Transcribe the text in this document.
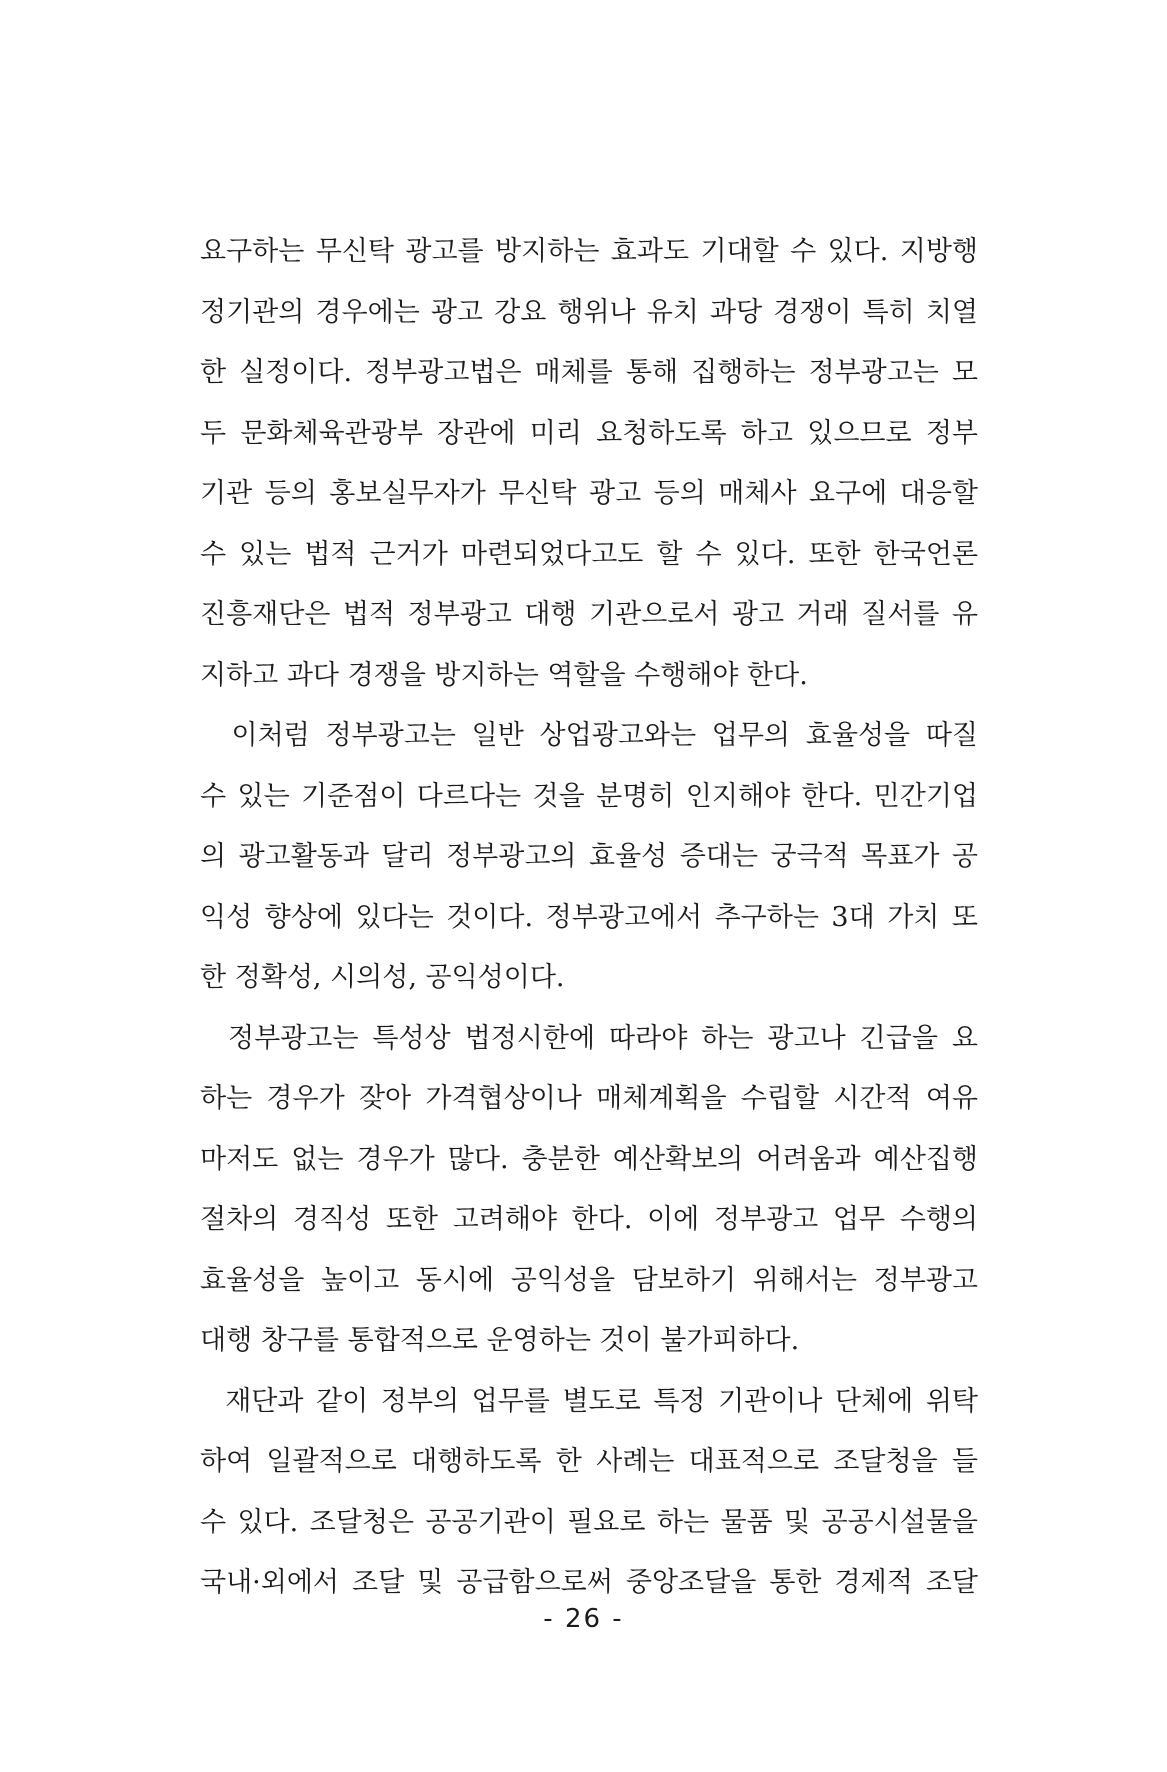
요구하는 무신탁 광고를 방지하는 효과도 기대할 수 있다. 지방행
정기관의 경우에는 광고 강요 행위나 유치 과당 경쟁이 특히 치열
한 실정이다. 정부광고법은 매체를 통해 집행하는 정부광고는 모
두 문화체육관광부 장관에 미리 요청하도록 하고 있으므로 정부
기관 등의 홍보실무자가 무신탁 광고 등의 매체사 요구에 대응할
수 있는 법적 근거가 마련되었다고도 할 수 있다. 또한 한국언론
진흥재단은 법적 정부광고 대행 기관으로서 광고 거래 질서를 유
지하고 과다 경쟁을 방지하는 역할을 수행해야 한다.
이처럼 정부광고는 일반 상업광고와는 업무의 효율성을 따질
수 있는 기준점이 다르다는 것을 분명히 인지해야 한다. 민간기업
의 광고활동과 달리 정부광고의 효율성 증대는 궁극적 목표가 공
익성 향상에 있다는 것이다. 정부광고에서 추구하는 3대 가치 또
한 정확성, 시의성, 공익성이다.
정부광고는 특성상 법정시한에 따라야 하는 광고나 긴급을 요
하는 경우가 잦아 가격협상이나 매체계획을 수립할 시간적 여유
마저도 없는 경우가 많다. 충분한 예산확보의 어려움과 예산집행
절차의 경직성 또한 고려해야 한다. 이에 정부광고 업무 수행의
효율성을 높이고 동시에 공익성을 담보하기 위해서는 정부광고
대행 창구를 통합적으로 운영하는 것이 불가피하다.
재단과 같이 정부의 업무를 별도로 특정 기관이나 단체에 위탁
하여 일괄적으로 대행하도록 한 사례는 대표적으로 조달청을 들
수 있다. 조달청은 공공기관이 필요로 하는 물품 및 공공시설물을
국내·외에서 조달 및 공급함으로써 중앙조달을 통한 경제적 조달
- 26 -
